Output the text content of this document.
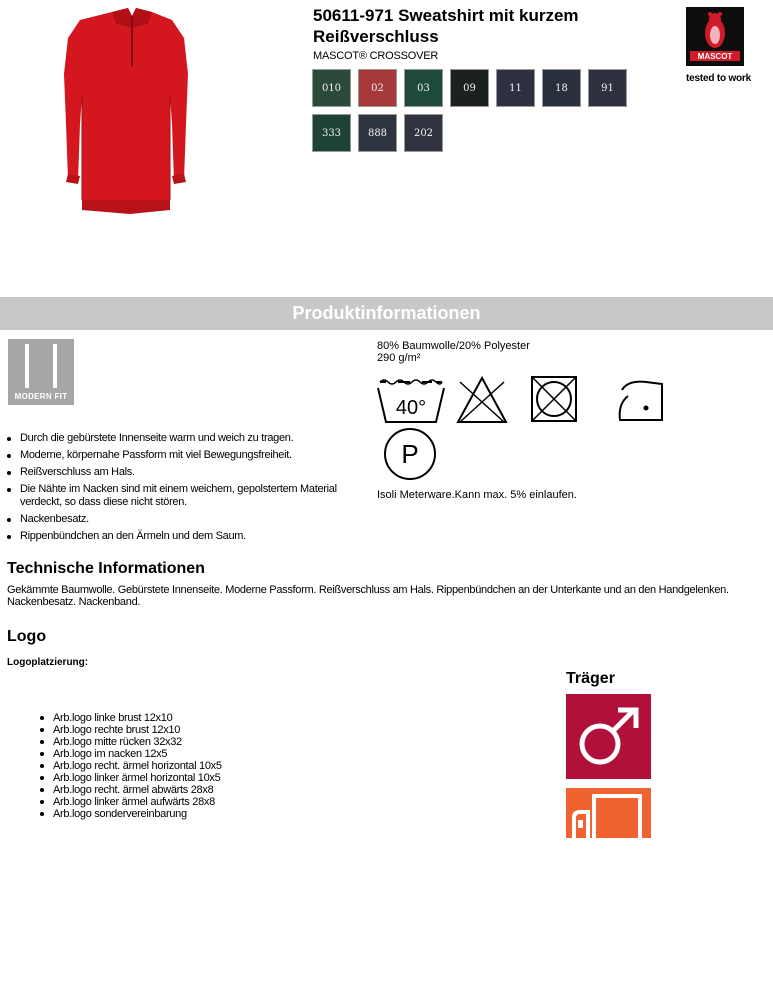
50611-971 Sweatshirt mit kurzem Reißverschluss
MASCOT® CROSSOVER
010	02	03	09	11	18	91
333	888	202
MASCOT
tested to work
Produktinformationen
MODERN FIT
80% Baumwolle/20% Polyester
290 g/m²
40°
P
Isoli Meterware.Kann max. 5% einlaufen.
Durch die gebürstete Innenseite warm und weich zu tragen.
Moderne, körpernahe Passform mit viel Bewegungsfreiheit.
Reißverschluss am Hals.
Die Nähte im Nacken sind mit einem weichem, gepolstertem Material verdeckt, so dass diese nicht stören.
Nackenbesatz.
Rippenbündchen an den Ärmeln und dem Saum.
Technische Informationen
Gekämmte Baumwolle. Gebürstete Innenseite. Moderne Passform. Reißverschluss am Hals. Rippenbündchen an der Unterkante und an den Handgelenken. Nackenbesatz. Nackenband.
Logo
Logoplatzierung:
Arb.logo linke brust 12x10
Arb.logo rechte brust 12x10
Arb.logo mitte rücken 32x32
Arb.logo im nacken 12x5
Arb.logo recht. ärmel horizontal 10x5
Arb.logo linker ärmel horizontal 10x5
Arb.logo recht. ärmel abwärts 28x8
Arb.logo linker ärmel aufwärts 28x8
Arb.logo sondervereinbarung
Träger
